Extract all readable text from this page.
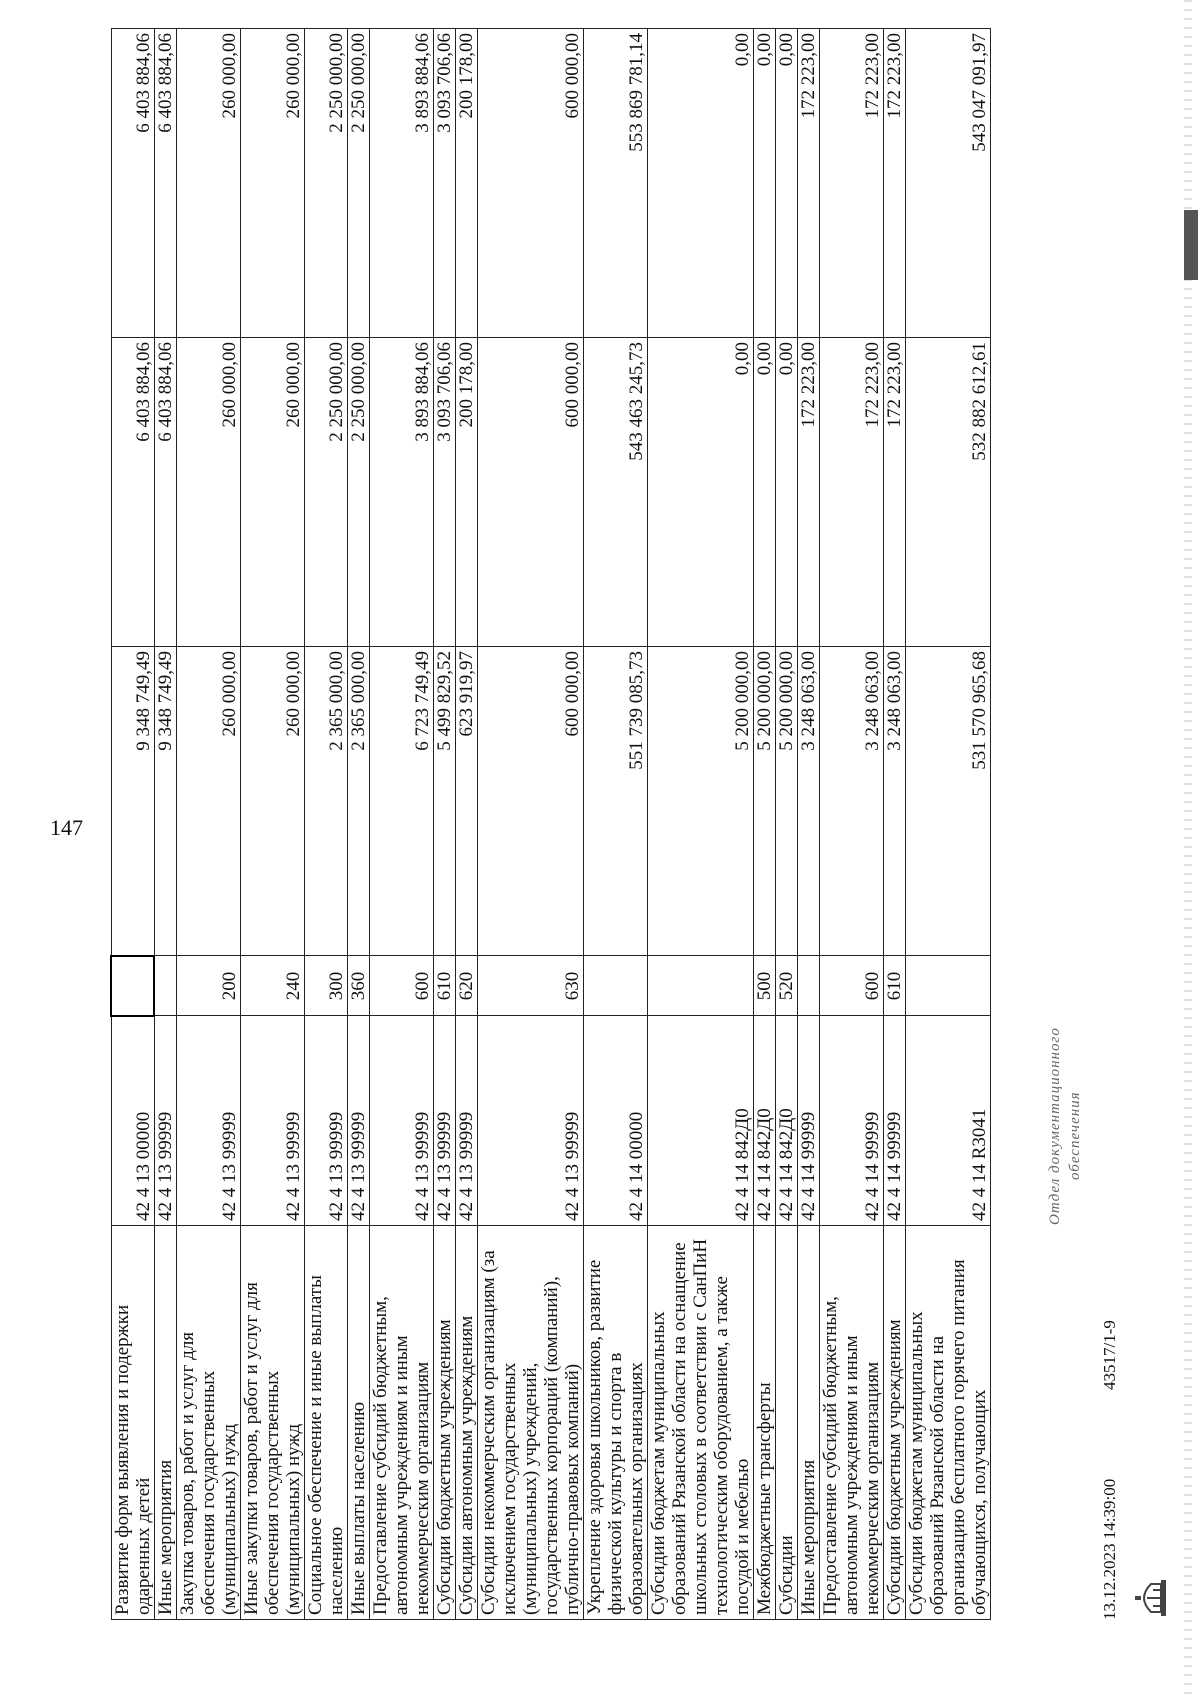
147
Развитие форм выявления и подержки одаренных детей	42 4 13 00000		9 348 749,49	6 403 884,06	6 403 884,06
Иные мероприятия	42 4 13 99999		9 348 749,49	6 403 884,06	6 403 884,06
Закупка товаров, работ и услуг для обеспечения государственных (муниципальных) нужд	42 4 13 99999	200	260 000,00	260 000,00	260 000,00
Иные закупки товаров, работ и услуг для обеспечения государственных (муниципальных) нужд	42 4 13 99999	240	260 000,00	260 000,00	260 000,00
Социальное обеспечение и иные выплаты населению	42 4 13 99999	300	2 365 000,00	2 250 000,00	2 250 000,00
Иные выплаты населению	42 4 13 99999	360	2 365 000,00	2 250 000,00	2 250 000,00
Предоставление субсидий бюджетным, автономным учреждениям и иным некоммерческим организациям	42 4 13 99999	600	6 723 749,49	3 893 884,06	3 893 884,06
Субсидии бюджетным учреждениям	42 4 13 99999	610	5 499 829,52	3 093 706,06	3 093 706,06
Субсидии автономным учреждениям	42 4 13 99999	620	623 919,97	200 178,00	200 178,00
Субсидии некоммерческим организациям (за исключением государственных (муниципальных) учреждений, государственных корпораций (компаний), публично-правовых компаний)	42 4 13 99999	630	600 000,00	600 000,00	600 000,00
Укрепление здоровья школьников, развитие физической культуры и спорта в образовательных организациях	42 4 14 00000		551 739 085,73	543 463 245,73	553 869 781,14
Субсидии бюджетам муниципальных образований Рязанской области на оснащение школьных столовых в соответствии с СанПиН технологическим оборудованием, а также посудой и мебелью	42 4 14 842Д0		5 200 000,00	0,00	0,00
Межбюджетные трансферты	42 4 14 842Д0	500	5 200 000,00	0,00	0,00
Субсидии	42 4 14 842Д0	520	5 200 000,00	0,00	0,00
Иные мероприятия	42 4 14 99999		3 248 063,00	172 223,00	172 223,00
Предоставление субсидий бюджетным, автономным учреждениям и иным некоммерческим организациям	42 4 14 99999	600	3 248 063,00	172 223,00	172 223,00
Субсидии бюджетным учреждениям	42 4 14 99999	610	3 248 063,00	172 223,00	172 223,00
Субсидии бюджетам муниципальных образований Рязанской области на организацию бесплатного горячего питания обучающихся, получающих	42 4 14 R3041		531 570 965,68	532 882 612,61	543 047 091,97
Отдел документационного обеспечения
13.12.2023 14:39:00
43517/1-9
